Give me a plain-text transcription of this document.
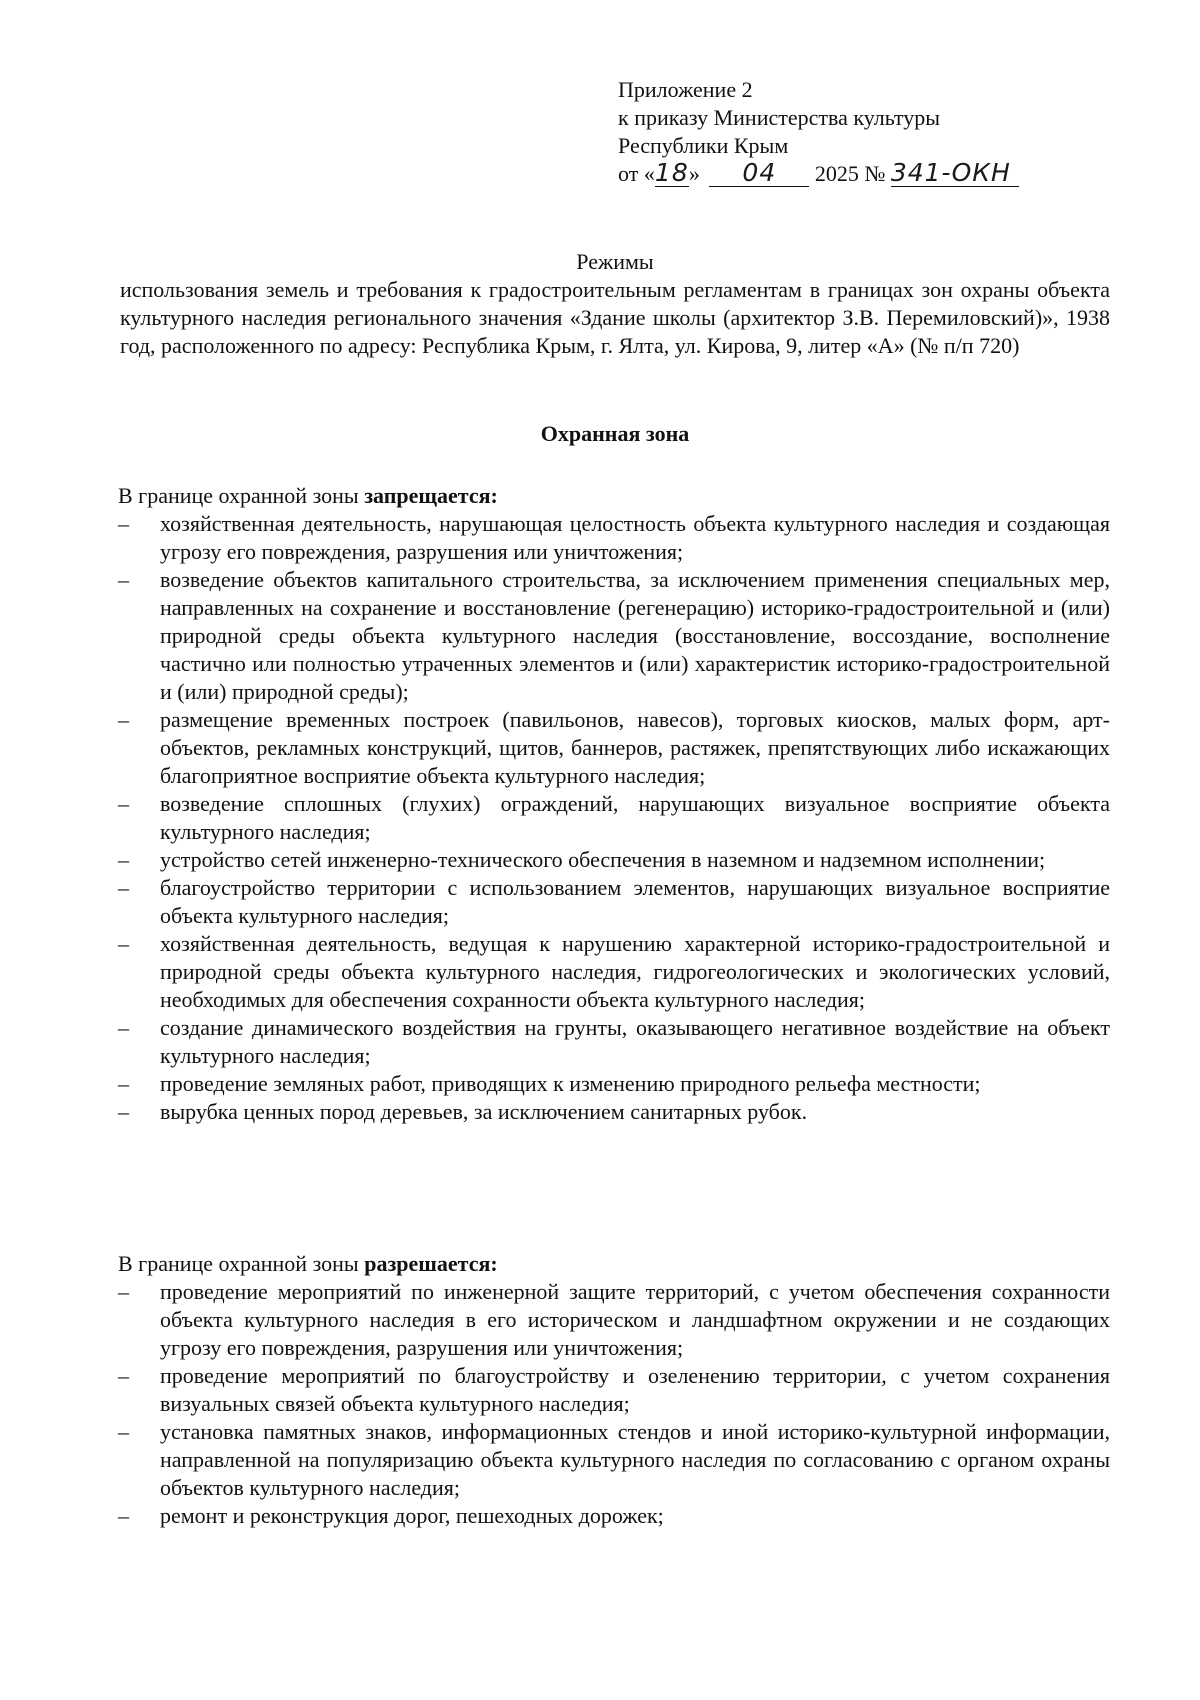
Приложение 2
к приказу Министерства культуры
Республики Крым
от «18» 04 2025 № 341-ОКН
Режимы
использования земель и требования к градостроительным регламентам в границах зон охраны объекта культурного наследия регионального значения «Здание школы (архитектор З.В. Перемиловский)», 1938 год, расположенного по адресу: Республика Крым, г. Ялта, ул. Кирова, 9, литер «А» (№ п/п 720)
Охранная зона

В границе охранной зоны запрещается:

– хозяйственная деятельность, нарушающая целостность объекта культурного наследия и создающая угрозу его повреждения, разрушения или уничтожения;
– возведение объектов капитального строительства, за исключением применения специальных мер, направленных на сохранение и восстановление (регенерацию) историко-градостроительной и (или) природной среды объекта культурного наследия (восстановление, воссоздание, восполнение частично или полностью утраченных элементов и (или) характеристик историко-градостроительной и (или) природной среды);
– размещение временных построек (павильонов, навесов), торговых киосков, малых форм, арт-объектов, рекламных конструкций, щитов, баннеров, растяжек, препятствующих либо искажающих благоприятное восприятие объекта культурного наследия;
– возведение сплошных (глухих) ограждений, нарушающих визуальное восприятие объекта культурного наследия;
– устройство сетей инженерно-технического обеспечения в наземном и надземном исполнении;
– благоустройство территории с использованием элементов, нарушающих визуальное восприятие объекта культурного наследия;
– хозяйственная деятельность, ведущая к нарушению характерной историко-градостроительной и природной среды объекта культурного наследия, гидрогеологических и экологических условий, необходимых для обеспечения сохранности объекта культурного наследия;
– создание динамического воздействия на грунты, оказывающего негативное воздействие на объект культурного наследия;
– проведение земляных работ, приводящих к изменению природного рельефа местности;
– вырубка ценных пород деревьев, за исключением санитарных рубок.

В границе охранной зоны разрешается:

– проведение мероприятий по инженерной защите территорий, с учетом обеспечения сохранности объекта культурного наследия в его историческом и ландшафтном окружении и не создающих угрозу его повреждения, разрушения или уничтожения;
– проведение мероприятий по благоустройству и озеленению территории, с учетом сохранения визуальных связей объекта культурного наследия;
– установка памятных знаков, информационных стендов и иной историко-культурной информации, направленной на популяризацию объекта культурного наследия по согласованию с органом охраны объектов культурного наследия;
– ремонт и реконструкция дорог, пешеходных дорожек;
